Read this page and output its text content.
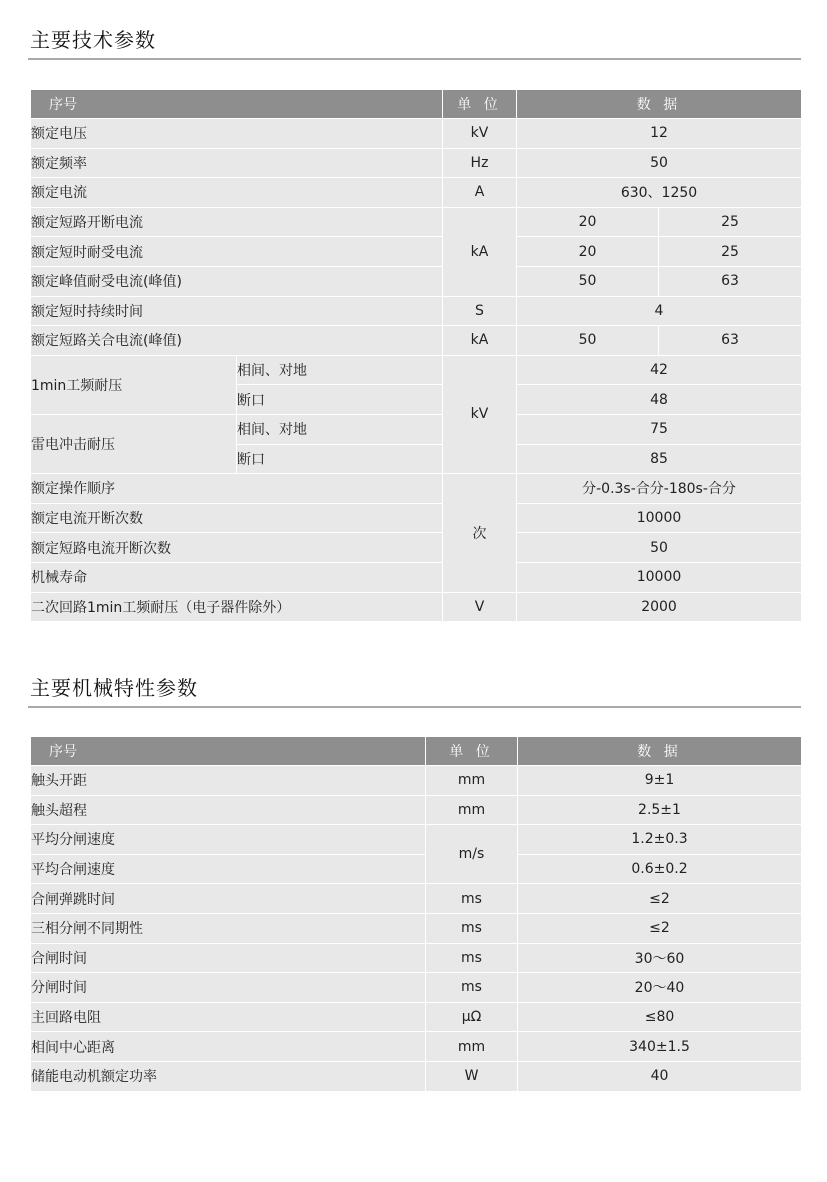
主要技术参数
序号		单 位	数 据	
额定电压		kV	12	
额定频率		Hz	50	
额定电流		A	630、1250	
额定短路开断电流		kA	20	25
额定短时耐受电流			20	25
额定峰值耐受电流(峰值)			50	63
额定短时持续时间		S	4	
额定短路关合电流(峰值)		kA	50	63
1min工频耐压	相间、对地	kV	42	
	断口		48	
雷电冲击耐压	相间、对地		75	
	断口		85	
额定操作顺序		次	分-0.3s-合分-180s-合分	
额定电流开断次数			10000	
额定短路电流开断次数			50	
机械寿命			10000	
二次回路1min工频耐压（电子器件除外）		V	2000	
主要机械特性参数
序号	单 位	数 据
触头开距	mm	9±1
触头超程	mm	2.5±1
平均分闸速度	m/s	1.2±0.3
平均合闸速度		0.6±0.2
合闸弹跳时间	ms	≤2
三相分闸不同期性	ms	≤2
合闸时间	ms	30～60
分闸时间	ms	20～40
主回路电阻	μΩ	≤80
相间中心距离	mm	340±1.5
储能电动机额定功率	W	40
